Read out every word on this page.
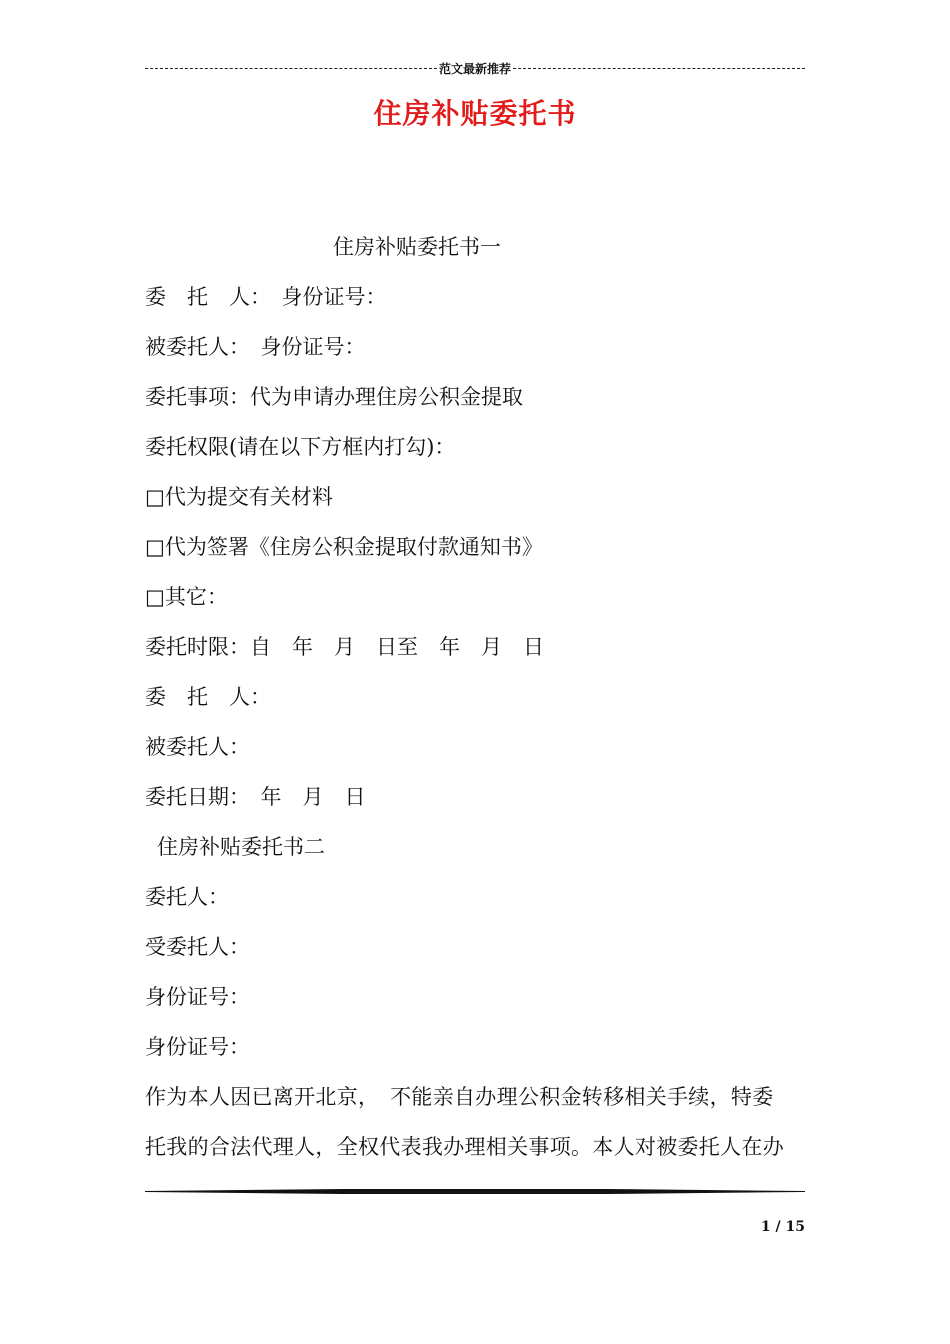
范文最新推荐
住房补贴委托书
住房补贴委托书一
委　托　人：　身份证号：
被委托人：　身份证号：
委托事项：代为申请办理住房公积金提取
委托权限(请在以下方框内打勾)：
□代为提交有关材料
□代为签署《住房公积金提取付款通知书》
□其它：
委托时限：自　年　月　日至　年　月　日
委　托　人：
被委托人：
委托日期：　年　月　日
住房补贴委托书二
委托人：
受委托人：
身份证号：
身份证号：
作为本人因已离开北京，　不能亲自办理公积金转移相关手续，特委
托我的合法代理人，全权代表我办理相关事项。本人对被委托人在办
1 / 15
